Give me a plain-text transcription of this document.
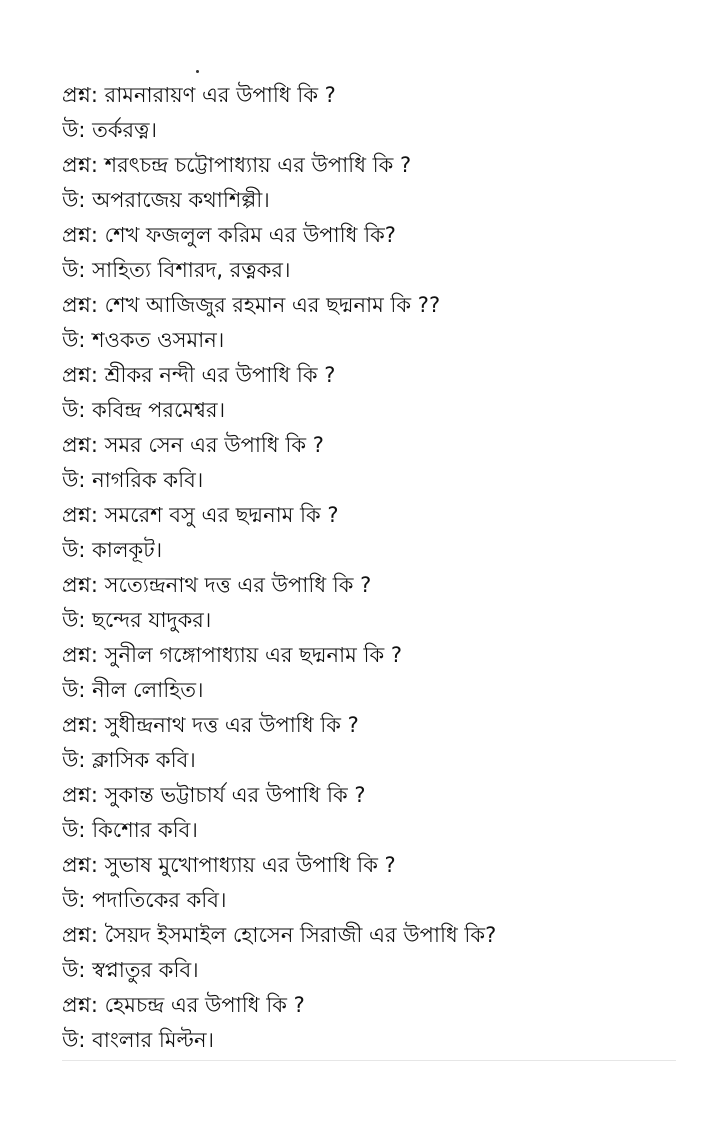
প্রশ্ন: রামনারায়ণ এর উপাধি কি ?
উ: তর্করত্ন।
প্রশ্ন: শরৎচন্দ্র চট্টোপাধ্যায় এর উপাধি কি ?
উ: অপরাজেয় কথাশিল্পী।
প্রশ্ন: শেখ ফজলুল করিম এর উপাধি কি?
উ: সাহিত্য বিশারদ, রত্নকর।
প্রশ্ন: শেখ আজিজুর রহমান এর ছদ্মনাম কি ??
উ: শওকত ওসমান।
প্রশ্ন: শ্রীকর নন্দী এর উপাধি কি ?
উ: কবিন্দ্র পরমেশ্বর।
প্রশ্ন: সমর সেন এর উপাধি কি ?
উ: নাগরিক কবি।
প্রশ্ন: সমরেশ বসু এর ছদ্মনাম কি ?
উ: কালকূট।
প্রশ্ন: সত্যেন্দ্রনাথ দত্ত এর উপাধি কি ?
উ: ছন্দের যাদুকর।
প্রশ্ন: সুনীল গঙ্গোপাধ্যায় এর ছদ্মনাম কি ?
উ: নীল লোহিত।
প্রশ্ন: সুধীন্দ্রনাথ দত্ত এর উপাধি কি ?
উ: ক্লাসিক কবি।
প্রশ্ন: সুকান্ত ভট্টাচার্য এর উপাধি কি ?
উ: কিশোর কবি।
প্রশ্ন: সুভাষ মুখোপাধ্যায় এর উপাধি কি ?
উ: পদাতিকের কবি।
প্রশ্ন: সৈয়দ ইসমাইল হোসেন সিরাজী এর উপাধি কি?
উ: স্বপ্নাতুর কবি।
প্রশ্ন: হেমচন্দ্র এর উপাধি কি ?
উ: বাংলার মিল্টন।
